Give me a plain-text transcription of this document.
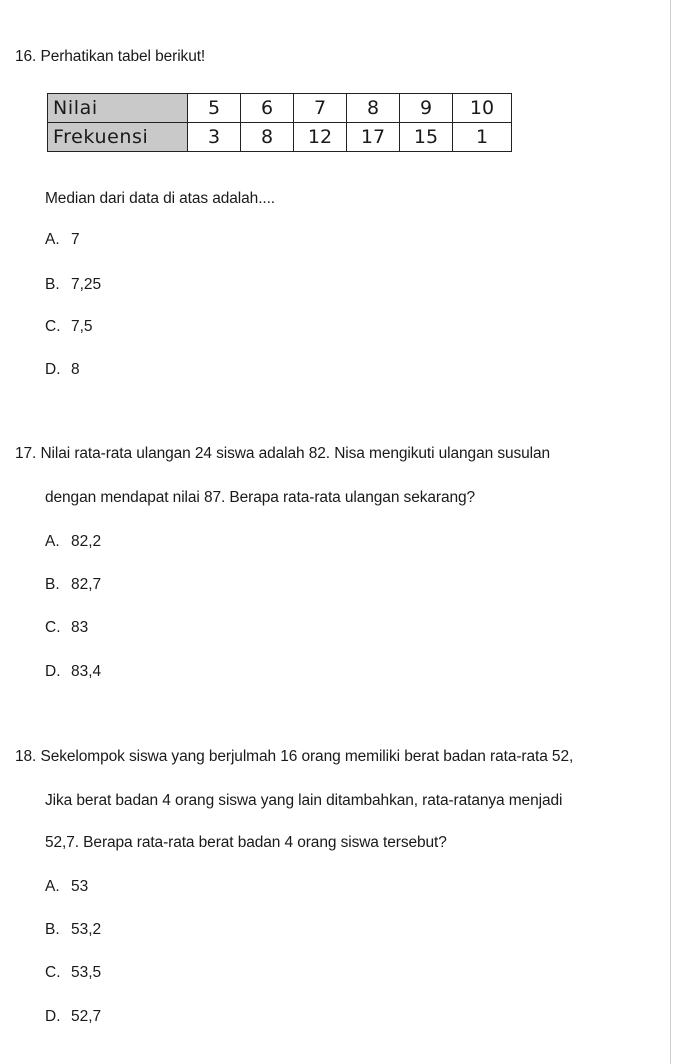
16. Perhatikan tabel berikut!
Nilai	5	6	7	8	9	10
Frekuensi	3	8	12	17	15	1
Median dari data di atas adalah....
A. 7
B. 7,25
C. 7,5
D. 8
17. Nilai rata-rata ulangan 24 siswa adalah 82. Nisa mengikuti ulangan susulan
dengan mendapat nilai 87. Berapa rata-rata ulangan sekarang?
A. 82,2
B. 82,7
C. 83
D. 83,4
18. Sekelompok siswa yang berjulmah 16 orang memiliki berat badan rata-rata 52,
Jika berat badan 4 orang siswa yang lain ditambahkan, rata-ratanya menjadi
52,7. Berapa rata-rata berat badan 4 orang siswa tersebut?
A. 53
B. 53,2
C. 53,5
D. 52,7
